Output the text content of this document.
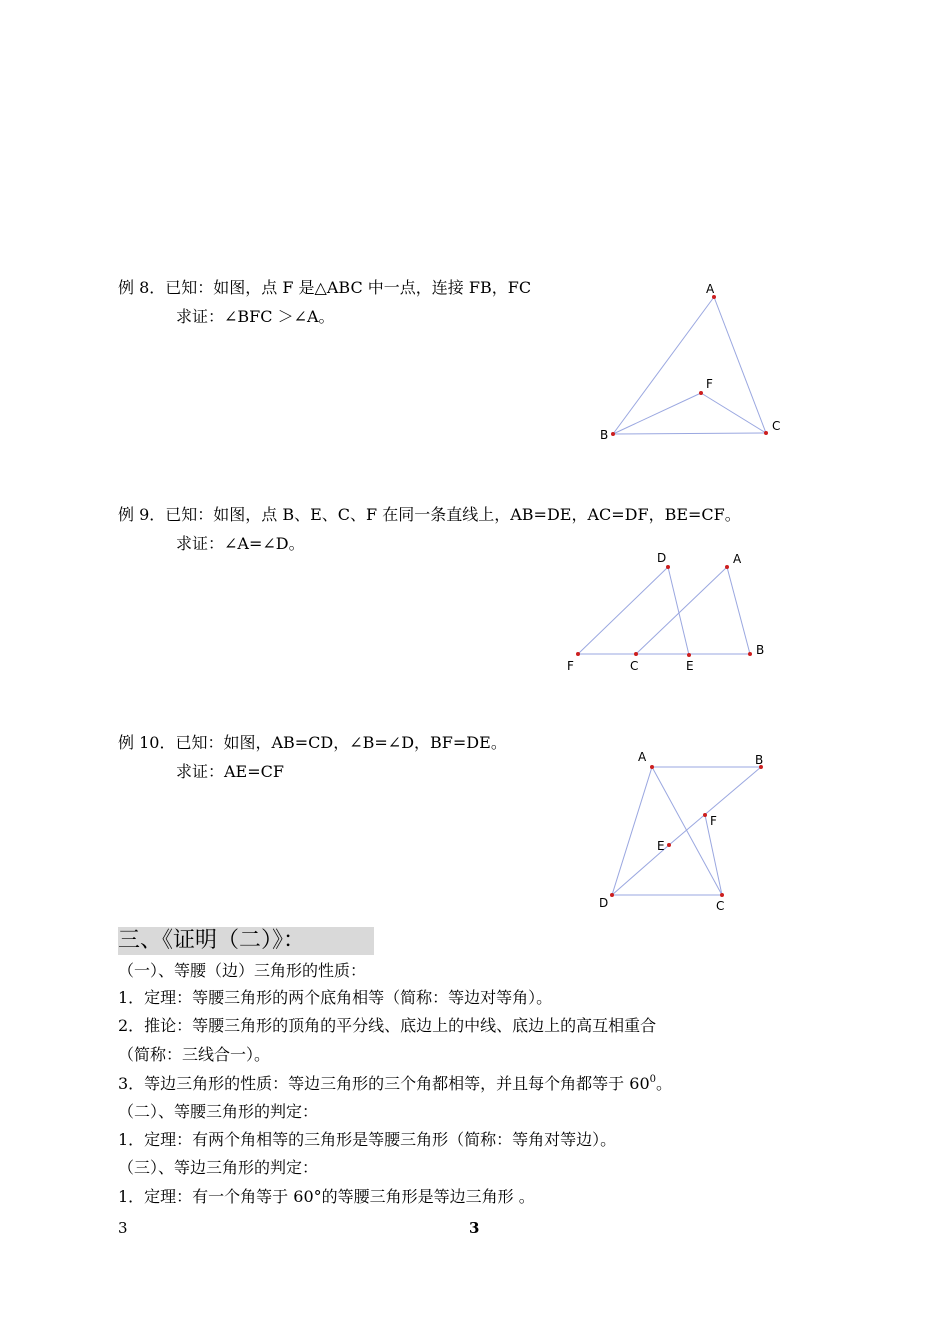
例 8．已知：如图，点 F 是△ABC 中一点，连接 FB，FC
求证：∠BFC ＞∠A。
A
B
C
F
例 9．已知：如图，点 B、E、C、F 在同一条直线上，AB=DE，AC=DF，BE=CF。
求证：∠A=∠D。
D	A
F	C	E
B
例 10．已知：如图，AB=CD，∠B=∠D，BF=DE。
求证：AE=CF
A	B
F
E
D	C
三、《证明（二）》：
（一）、等腰（边）三角形的性质：
1．定理：等腰三角形的两个底角相等（简称：等边对等角）。
2．推论：等腰三角形的顶角的平分线、底边上的中线、底边上的高互相重合
（简称：三线合一）。
3．等边三角形的性质：等边三角形的三个角都相等，并且每个角都等于 $60^0$。
（二）、等腰三角形的判定：
1．定理：有两个角相等的三角形是等腰三角形（简称：等角对等边）。
（三）、等边三角形的判定：
1．定理：有一个角等于 60°的等腰三角形是等边三角形 。
3	3
